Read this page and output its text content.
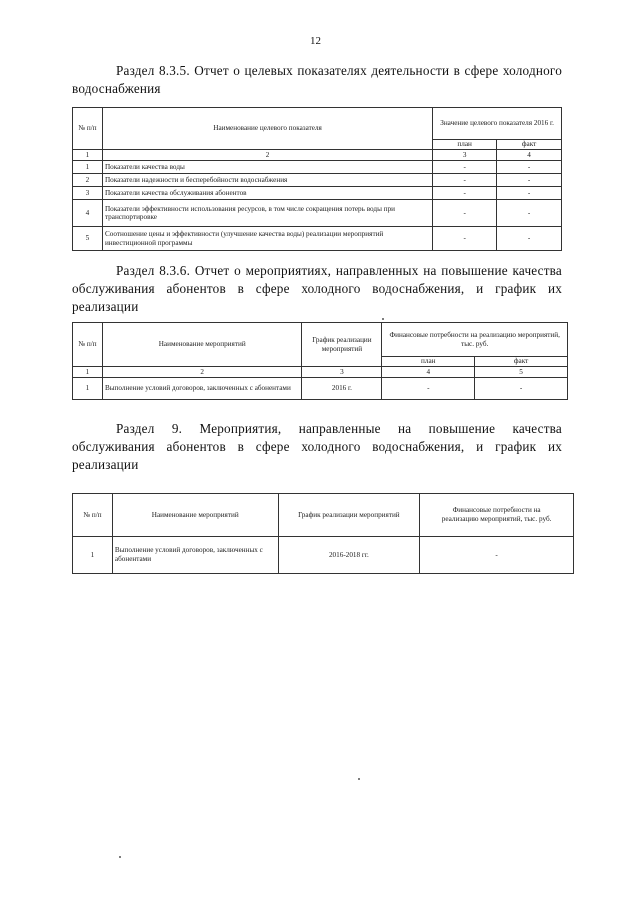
12
Раздел 8.3.5. Отчет о целевых показателях деятельности в сфере холодного водоснабжения
№ п/п	Наименование целевого показателя	Значение целевого показателя 2016 г.	
		план	факт
1	2	3	4
1	Показатели качества воды	-	-
2	Показатели надежности и бесперебойности водоснабжения	-	-
3	Показатели качества обслуживания абонентов	-	-
4	Показатели эффективности использования ресурсов, в том числе сокращения потерь воды при транспортировке	-	-
5	Соотношение цены и эффективности (улучшение качества воды) реализации мероприятий инвестиционной программы	-	-
Раздел 8.3.6. Отчет о мероприятиях, направленных на повышение качества обслуживания абонентов в сфере холодного водоснабжения, и график их реализации
№ п/п	Наименование мероприятий	График реализации мероприятий	Финансовые потребности на реализацию мероприятий, тыс. руб.	
			план	факт
1	2	3	4	5
1	Выполнение условий договоров, заключенных с абонентами	2016 г.	-	-
Раздел 9. Мероприятия, направленные на повышение качества обслуживания абонентов в сфере холодного водоснабжения, и график их реализации
№ п/п	Наименование мероприятий	График реализации мероприятий	Финансовые потребности на реализацию мероприятий, тыс. руб.
1	Выполнение условий договоров, заключенных с абонентами	2016-2018 гг.	-
